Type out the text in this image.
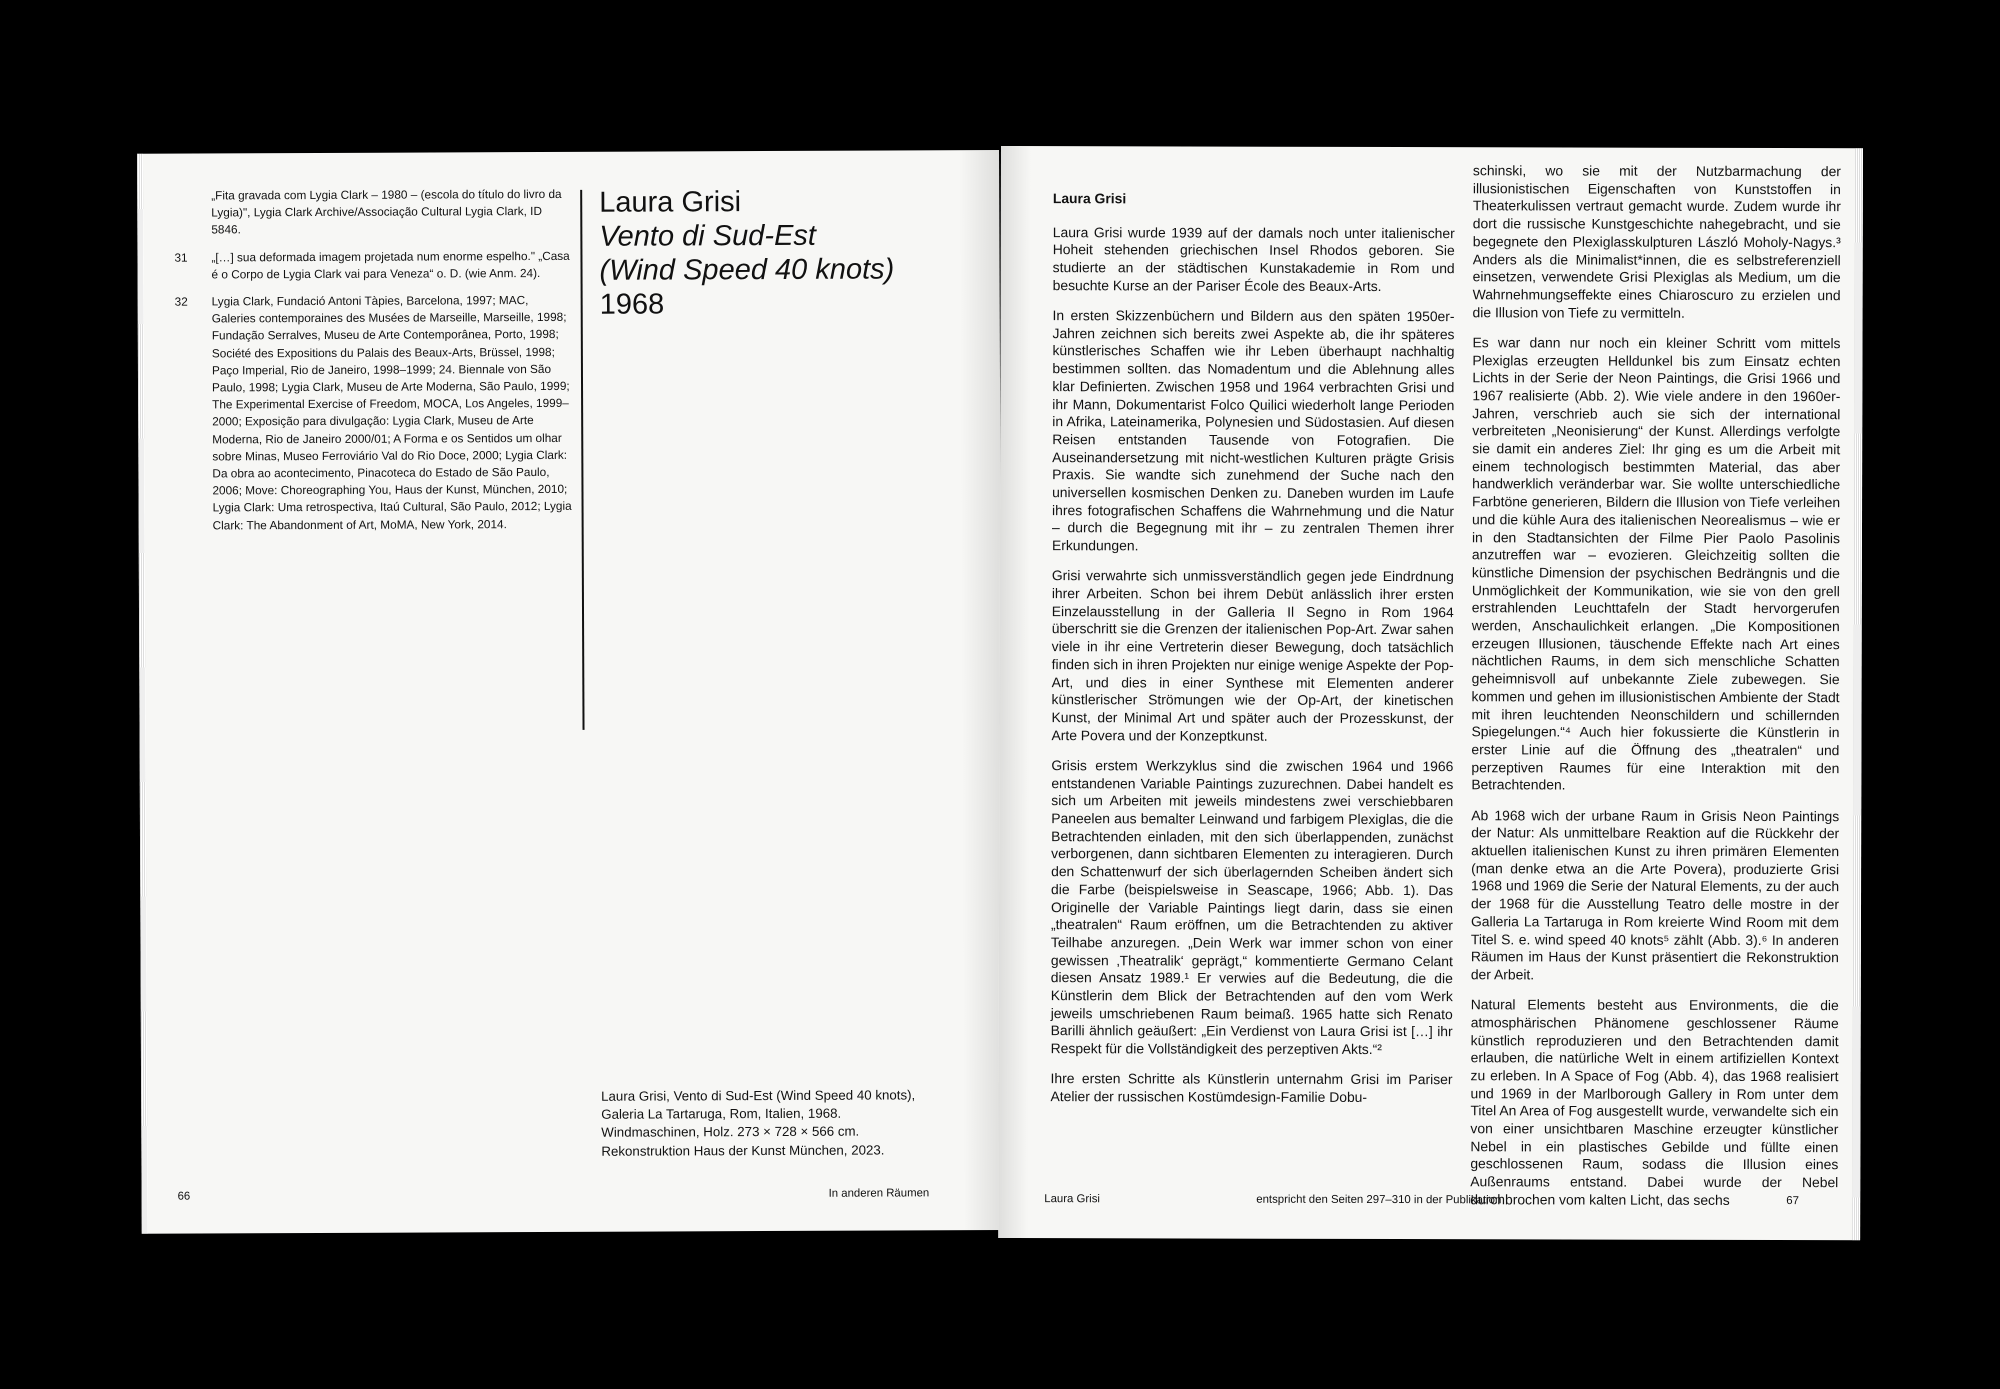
„Fita gravada com Lygia Clark – 1980 – (escola do título do livro da Lygia)", Lygia Clark Archive/Associação Cultural Lygia Clark, ID 5846.
31	„[…] sua deformada imagem projetada num enorme espelho." „Casa é o Corpo de Lygia Clark vai para Veneza“ o. D. (wie Anm. 24).
32	Lygia Clark, Fundació Antoni Tàpies, Barcelona, 1997; MAC, Galeries contemporaines des Musées de Marseille, Marseille, 1998; Fundação Serralves, Museu de Arte Contemporânea, Porto, 1998; Société des Expositions du Palais des Beaux-Arts, Brüssel, 1998; Paço Imperial, Rio de Janeiro, 1998–1999; 24. Biennale von São Paulo, 1998; Lygia Clark, Museu de Arte Moderna, São Paulo, 1999; The Experimental Exercise of Freedom, MOCA, Los Angeles, 1999–2000; Exposição para divulgação: Lygia Clark, Museu de Arte Moderna, Rio de Janeiro 2000/01; A Forma e os Sentidos um olhar sobre Minas, Museo Ferroviário Val do Rio Doce, 2000; Lygia Clark: Da obra ao acontecimento, Pinacoteca do Estado de São Paulo, 2006; Move: Choreographing You, Haus der Kunst, München, 2010; Lygia Clark: Uma retrospectiva, Itaú Cultural, São Paulo, 2012; Lygia Clark: The Abandonment of Art, MoMA, New York, 2014.
Laura Grisi
Vento di Sud-Est
(Wind Speed 40 knots)
1968
Laura Grisi, Vento di Sud-Est (Wind Speed 40 knots), Galeria La Tartaruga, Rom, Italien, 1968. Windmaschinen, Holz. 273 × 728 × 566 cm. Rekonstruktion Haus der Kunst München, 2023.
66	In anderen Räumen

Laura Grisi

Laura Grisi wurde 1939 auf der damals noch unter italienischer Hoheit stehenden griechischen Insel Rhodos geboren. Sie studierte an der städtischen Kunstakademie in Rom und besuchte Kurse an der Pariser École des Beaux-Arts.

In ersten Skizzenbüchern und Bildern aus den späten 1950er-Jahren zeichnen sich bereits zwei Aspekte ab, die ihr späteres künstlerisches Schaffen wie ihr Leben überhaupt nachhaltig bestimmen sollten. das Nomadentum und die Ablehnung alles klar Definierten. Zwischen 1958 und 1964 verbrachten Grisi und ihr Mann, Dokumentarist Folco Quilici wiederholt lange Perioden in Afrika, Lateinamerika, Polynesien und Südostasien. Auf diesen Reisen entstanden Tausende von Fotografien. Die Auseinandersetzung mit nicht-westlichen Kulturen prägte Grisis Praxis. Sie wandte sich zunehmend der Suche nach den universellen kosmischen Denken zu. Daneben wurden im Laufe ihres fotografischen Schaffens die Wahrnehmung und die Natur – durch die Begegnung mit ihr – zu zentralen Themen ihrer Erkundungen.

Grisi verwahrte sich unmissverständlich gegen jede Eindrdnung ihrer Arbeiten. Schon bei ihrem Debüt anlässlich ihrer ersten Einzelausstellung in der Galleria Il Segno in Rom 1964 überschritt sie die Grenzen der italienischen Pop-Art. Zwar sahen viele in ihr eine Vertreterin dieser Bewegung, doch tatsächlich finden sich in ihren Projekten nur einige wenige Aspekte der Pop-Art, und dies in einer Synthese mit Elementen anderer künstlerischer Strömungen wie der Op-Art, der kinetischen Kunst, der Minimal Art und später auch der Prozesskunst, der Arte Povera und der Konzeptkunst.

Grisis erstem Werkzyklus sind die zwischen 1964 und 1966 entstandenen Variable Paintings zuzurechnen. Dabei handelt es sich um Arbeiten mit jeweils mindestens zwei verschiebbaren Paneelen aus bemalter Leinwand und farbigem Plexiglas, die die Betrachtenden einladen, mit den sich überlappenden, zunächst verborgenen, dann sichtbaren Elementen zu interagieren. Durch den Schattenwurf der sich überlagernden Scheiben ändert sich die Farbe (beispielsweise in Seascape, 1966; Abb. 1). Das Originelle der Variable Paintings liegt darin, dass sie einen „theatralen“ Raum eröffnen, um die Betrachtenden zu aktiver Teilhabe anzuregen. „Dein Werk war immer schon von einer gewissen ‚Theatralik‘ geprägt,“ kommentierte Germano Celant diesen Ansatz 1989.¹ Er verwies auf die Bedeutung, die die Künstlerin dem Blick der Betrachtenden auf den vom Werk jeweils umschriebenen Raum beimaß. 1965 hatte sich Renato Barilli ähnlich geäußert: „Ein Verdienst von Laura Grisi ist […] ihr Respekt für die Vollständigkeit des perzeptiven Akts.“²

Ihre ersten Schritte als Künstlerin unternahm Grisi im Pariser Atelier der russischen Kostümdesign-Familie Dobu-

schinski, wo sie mit der Nutzbarmachung der illusionistischen Eigenschaften von Kunststoffen in Theaterkulissen vertraut gemacht wurde. Zudem wurde ihr dort die russische Kunstgeschichte nahegebracht, und sie begegnete den Plexiglasskulpturen László Moholy-Nagys.³ Anders als die Minimalist*innen, die es selbstreferenziell einsetzen, verwendete Grisi Plexiglas als Medium, um die Wahrnehmungseffekte eines Chiaroscuro zu erzielen und die Illusion von Tiefe zu vermitteln.

Es war dann nur noch ein kleiner Schritt vom mittels Plexiglas erzeugten Helldunkel bis zum Einsatz echten Lichts in der Serie der Neon Paintings, die Grisi 1966 und 1967 realisierte (Abb. 2). Wie viele andere in den 1960er-Jahren, verschrieb auch sie sich der international verbreiteten „Neonisierung“ der Kunst. Allerdings verfolgte sie damit ein anderes Ziel: Ihr ging es um die Arbeit mit einem technologisch bestimmten Material, das aber handwerklich veränderbar war. Sie wollte unterschiedliche Farbtöne generieren, Bildern die Illusion von Tiefe verleihen und die kühle Aura des italienischen Neorealismus – wie er in den Stadtansichten der Filme Pier Paolo Pasolinis anzutreffen war – evozieren. Gleichzeitig sollten die künstliche Dimension der psychischen Bedrängnis und die Unmöglichkeit der Kommunikation, wie sie von den grell erstrahlenden Leuchttafeln der Stadt hervorgerufen werden, Anschaulichkeit erlangen. „Die Kompositionen erzeugen Illusionen, täuschende Effekte nach Art eines nächtlichen Raums, in dem sich menschliche Schatten geheimnisvoll auf unbekannte Ziele zubewegen. Sie kommen und gehen im illusionistischen Ambiente der Stadt mit ihren leuchtenden Neonschildern und schillernden Spiegelungen.“⁴ Auch hier fokussierte die Künstlerin in erster Linie auf die Öffnung des „theatralen“ und perzeptiven Raumes für eine Interaktion mit den Betrachtenden.

Ab 1968 wich der urbane Raum in Grisis Neon Paintings der Natur: Als unmittelbare Reaktion auf die Rückkehr der aktuellen italienischen Kunst zu ihren primären Elementen (man denke etwa an die Arte Povera), produzierte Grisi 1968 und 1969 die Serie der Natural Elements, zu der auch der 1968 für die Ausstellung Teatro delle mostre in der Galleria La Tartaruga in Rom kreierte Wind Room mit dem Titel S. e. wind speed 40 knots⁵ zählt (Abb. 3).⁶ In anderen Räumen im Haus der Kunst präsentiert die Rekonstruktion der Arbeit.

Natural Elements besteht aus Environments, die die atmosphärischen Phänomene geschlossener Räume künstlich reproduzieren und den Betrachtenden damit erlauben, die natürliche Welt in einem artifiziellen Kontext zu erleben. In A Space of Fog (Abb. 4), das 1968 realisiert und 1969 in der Marlborough Gallery in Rom unter dem Titel An Area of Fog ausgestellt wurde, verwandelte sich ein von einer unsichtbaren Maschine erzeugter künstlicher Nebel in ein plastisches Gebilde und füllte einen geschlossenen Raum, sodass die Illusion eines Außenraums entstand. Dabei wurde der Nebel durchbrochen vom kalten Licht, das sechs

Laura Grisi	entspricht den Seiten 297–310 in der Publikation	67
